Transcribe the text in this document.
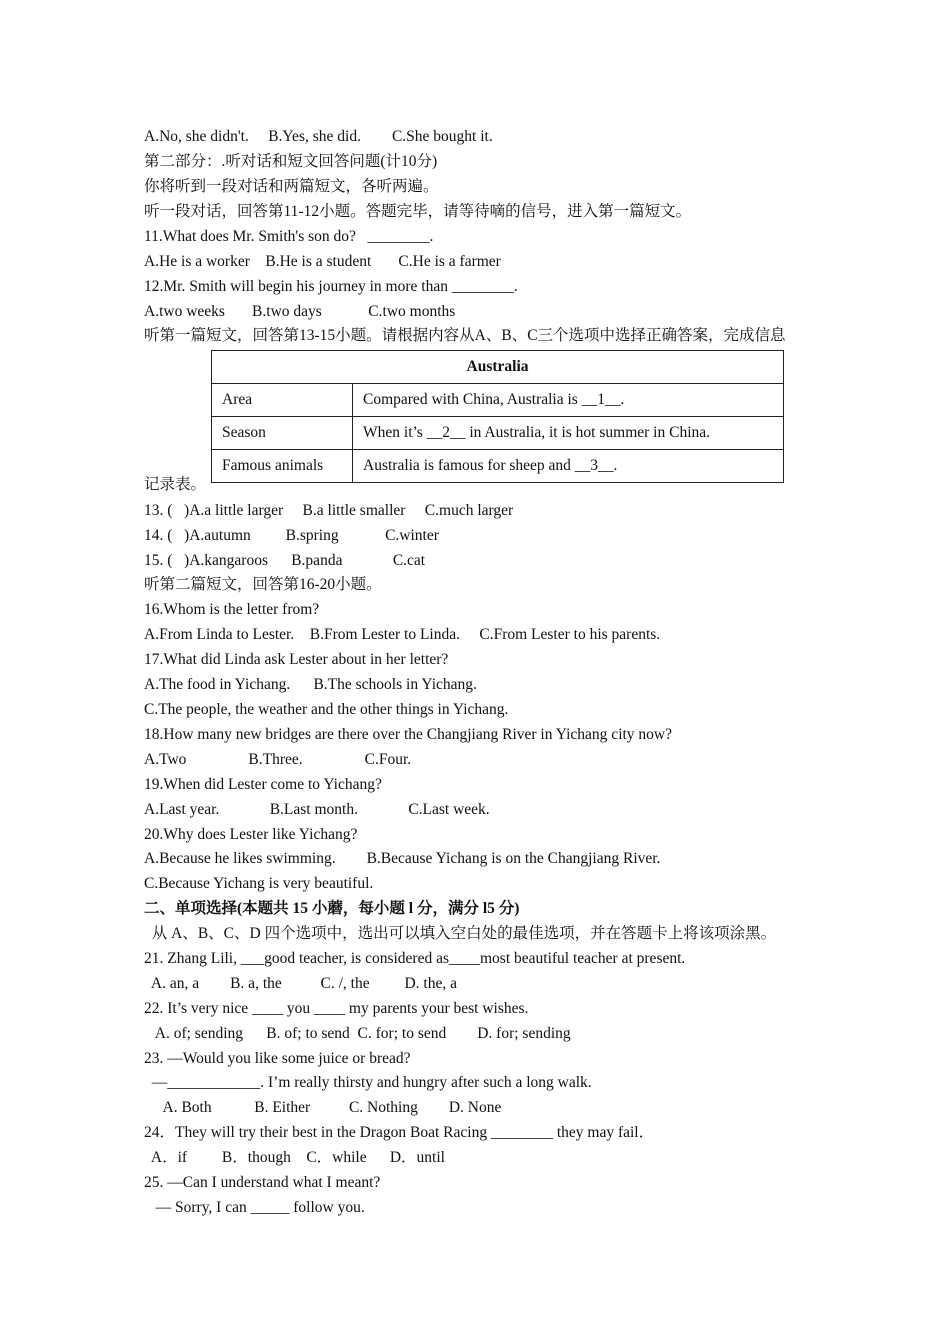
A.No, she didn't.     B.Yes, she did.        C.She bought it.
第二部分：.听对话和短文回答问题(计10分)
你将听到一段对话和两篇短文，各听两遍。
听一段对话，回答第11-12小题。答题完毕，请等待嘀的信号，进入第一篇短文。
11.What does Mr. Smith's son do?   ________.
A.He is a worker    B.He is a student       C.He is a farmer
12.Mr. Smith will begin his journey in more than ________.
A.two weeks       B.two days            C.two months
听第一篇短文，回答第13-15小题。请根据内容从A、B、C三个选项中选择正确答案，完成信息
Australia	
Area	Compared with China, Australia is __1__.
Season	When it’s __2__ in Australia, it is hot summer in China.
Famous animals	Australia is famous for sheep and __3__.
记录表。
13. (   )A.a little larger     B.a little smaller     C.much larger
14. (   )A.autumn         B.spring            C.winter
15. (   )A.kangaroos      B.panda             C.cat
听第二篇短文，回答第16-20小题。
16.Whom is the letter from?
A.From Linda to Lester.    B.From Lester to Linda.     C.From Lester to his parents.
17.What did Linda ask Lester about in her letter?
A.The food in Yichang.      B.The schools in Yichang.
C.The people, the weather and the other things in Yichang.
18.How many new bridges are there over the Changjiang River in Yichang city now?
A.Two                B.Three.                C.Four.
19.When did Lester come to Yichang?
A.Last year.             B.Last month.             C.Last week.
20.Why does Lester like Yichang?
A.Because he likes swimming.        B.Because Yichang is on the Changjiang River.
C.Because Yichang is very beautiful.
二、单项选择(本题共 15 小蘑，每小题 l 分，满分 l5 分)
从 A、B、C、D 四个选项中，选出可以填入空白处的最佳选项，并在答题卡上将该项涂黑。
21. Zhang Lili, ___good teacher, is considered as____most beautiful teacher at present.
A. an, a        B. a, the          C. /, the         D. the, a
22. It’s very nice ____ you ____ my parents your best wishes.
A. of; sending      B. of; to send  C. for; to send        D. for; sending
23. —Would you like some juice or bread?
—____________. I’m really thirsty and hungry after such a long walk.
A. Both           B. Either          C. Nothing        D. None
24．They will try their best in the Dragon Boat Racing ________ they may fail．
A．if         B．though    C．while      D．until
25. —Can I understand what I meant?
— Sorry, I can _____ follow you.
